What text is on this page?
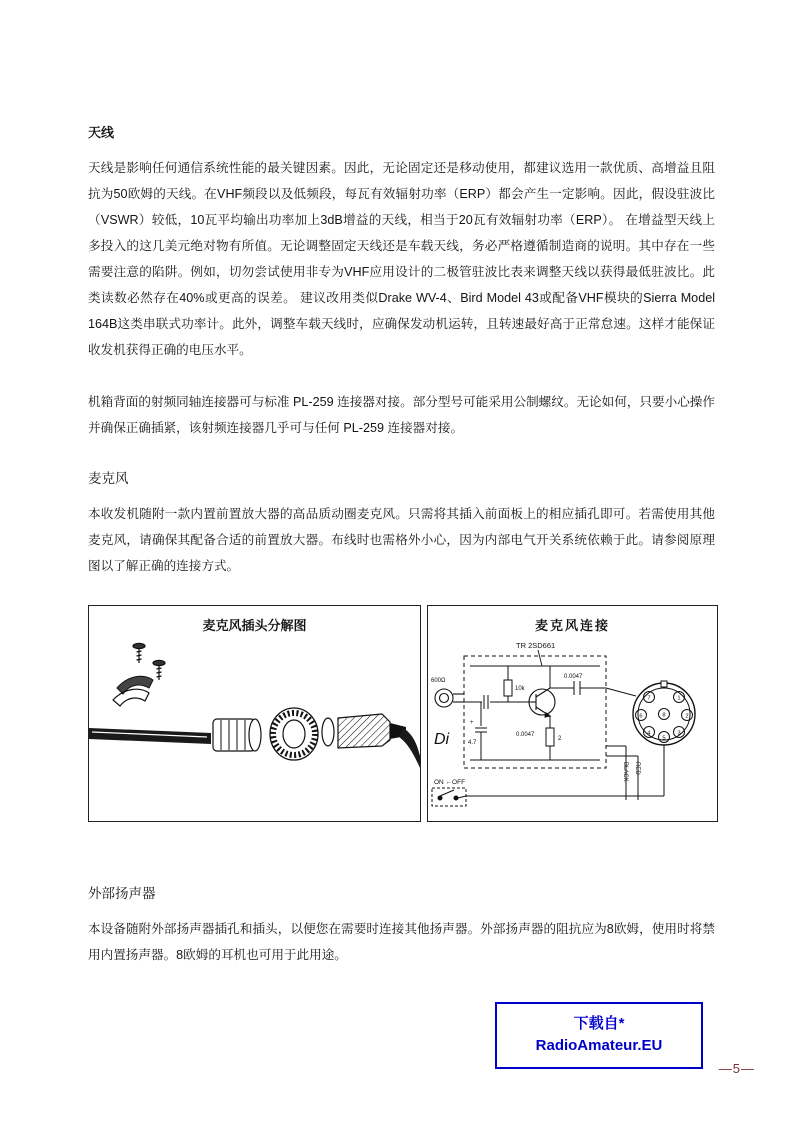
天线

天线是影响任何通信系统性能的最关键因素。因此，无论固定还是移动使用，都建议选用一款优质、高增益且阻抗为50欧姆的天线。在VHF频段以及低频段，每瓦有效辐射功率（ERP）都会产生一定影响。因此，假设驻波比（VSWR）较低，10瓦平均输出功率加上3dB增益的天线，相当于20瓦有效辐射功率（ERP）。 在增益型天线上多投入的这几美元绝对物有所值。无论调整固定天线还是车载天线，务必严格遵循制造商的说明。其中存在一些需要注意的陷阱。例如，切勿尝试使用非专为VHF应用设计的二极管驻波比表来调整天线以获得最低驻波比。此类读数必然存在40%或更高的误差。 建议改用类似Drake WV-4、Bird Model 43或配备VHF模块的Sierra Model 164B这类串联式功率计。此外，调整车载天线时，应确保发动机运转，且转速最好高于正常怠速。这样才能保证收发机获得正确的电压水平。

机箱背面的射频同轴连接器可与标准 PL-259 连接器对接。部分型号可能采用公制螺纹。无论如何，只要小心操作并确保正确插紧，该射频连接器几乎可与任何 PL-259 连接器对接。

麦克风

本收发机随附一款内置前置放大器的高品质动圈麦克风。只需将其插入前面板上的相应插孔即可。若需使用其他麦克风，请确保其配备合适的前置放大器。布线时也需格外小心，因为内部电气开关系统依赖于此。请参阅原理图以了解正确的连接方式。

麦克风插头分解图	麦克风连接
TR 2SD661
600Ω
Di
10k
+
4.7
0.0047
2
0.0047
1
2
3
4
5
6
7
8
BLACK RED
ON ←OFF
外部扬声器

本设备随附外部扬声器插孔和插头，以便您在需要时连接其他扬声器。外部扬声器的阻抗应为8欧姆，使用时将禁用内置扬声器。8欧姆的耳机也可用于此用途。

下载自*
RadioAmateur.EU
—5—
